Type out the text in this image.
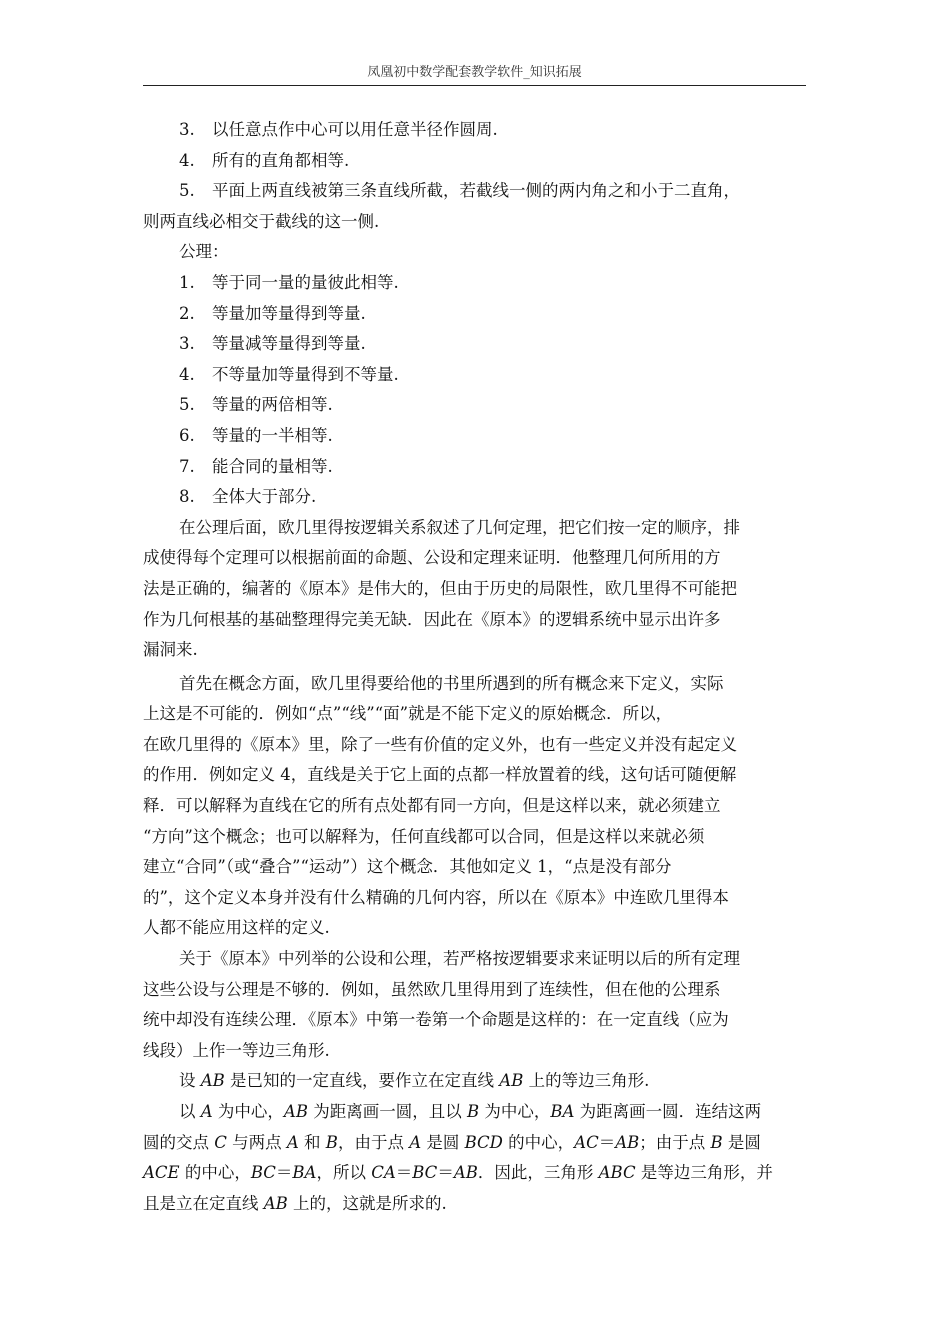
凤凰初中数学配套教学软件_知识拓展
3. 以任意点作中心可以用任意半径作圆周.
4. 所有的直角都相等.
5. 平面上两直线被第三条直线所截，若截线一侧的两内角之和小于二直角，
则两直线必相交于截线的这一侧.
公理：
1. 等于同一量的量彼此相等.
2. 等量加等量得到等量.
3. 等量减等量得到等量.
4. 不等量加等量得到不等量.
5. 等量的两倍相等.
6. 等量的一半相等.
7. 能合同的量相等.
8. 全体大于部分.
在公理后面，欧几里得按逻辑关系叙述了几何定理，把它们按一定的顺序，排
成使得每个定理可以根据前面的命题、公设和定理来证明．他整理几何所用的方
法是正确的，编著的《原本》是伟大的，但由于历史的局限性，欧几里得不可能把
作为几何根基的基础整理得完美无缺．因此在《原本》的逻辑系统中显示出许多
漏洞来.
首先在概念方面，欧几里得要给他的书里所遇到的所有概念来下定义，实际
上这是不可能的．例如“点”“线”“面”就是不能下定义的原始概念．所以，
在欧几里得的《原本》里，除了一些有价值的定义外，也有一些定义并没有起定义
的作用．例如定义 4，直线是关于它上面的点都一样放置着的线，这句话可随便解
释．可以解释为直线在它的所有点处都有同一方向，但是这样以来，就必须建立
“方向”这个概念；也可以解释为，任何直线都可以合同，但是这样以来就必须
建立“合同”（或“叠合”“运动”）这个概念．其他如定义 1，“点是没有部分
的”，这个定义本身并没有什么精确的几何内容，所以在《原本》中连欧几里得本
人都不能应用这样的定义.
关于《原本》中列举的公设和公理，若严格按逻辑要求来证明以后的所有定理
这些公设与公理是不够的．例如，虽然欧几里得用到了连续性，但在他的公理系
统中却没有连续公理．《原本》中第一卷第一个命题是这样的：在一定直线（应为
线段）上作一等边三角形.
设 AB 是已知的一定直线，要作立在定直线 AB 上的等边三角形.
以 A 为中心，AB 为距离画一圆，且以 B 为中心，BA 为距离画一圆．连结这两
圆的交点 C 与两点 A 和 B，由于点 A 是圆 BCD 的中心，AC＝AB；由于点 B 是圆
ACE 的中心，BC＝BA，所以 CA＝BC＝AB．因此，三角形 ABC 是等边三角形，并
且是立在定直线 AB 上的，这就是所求的.
